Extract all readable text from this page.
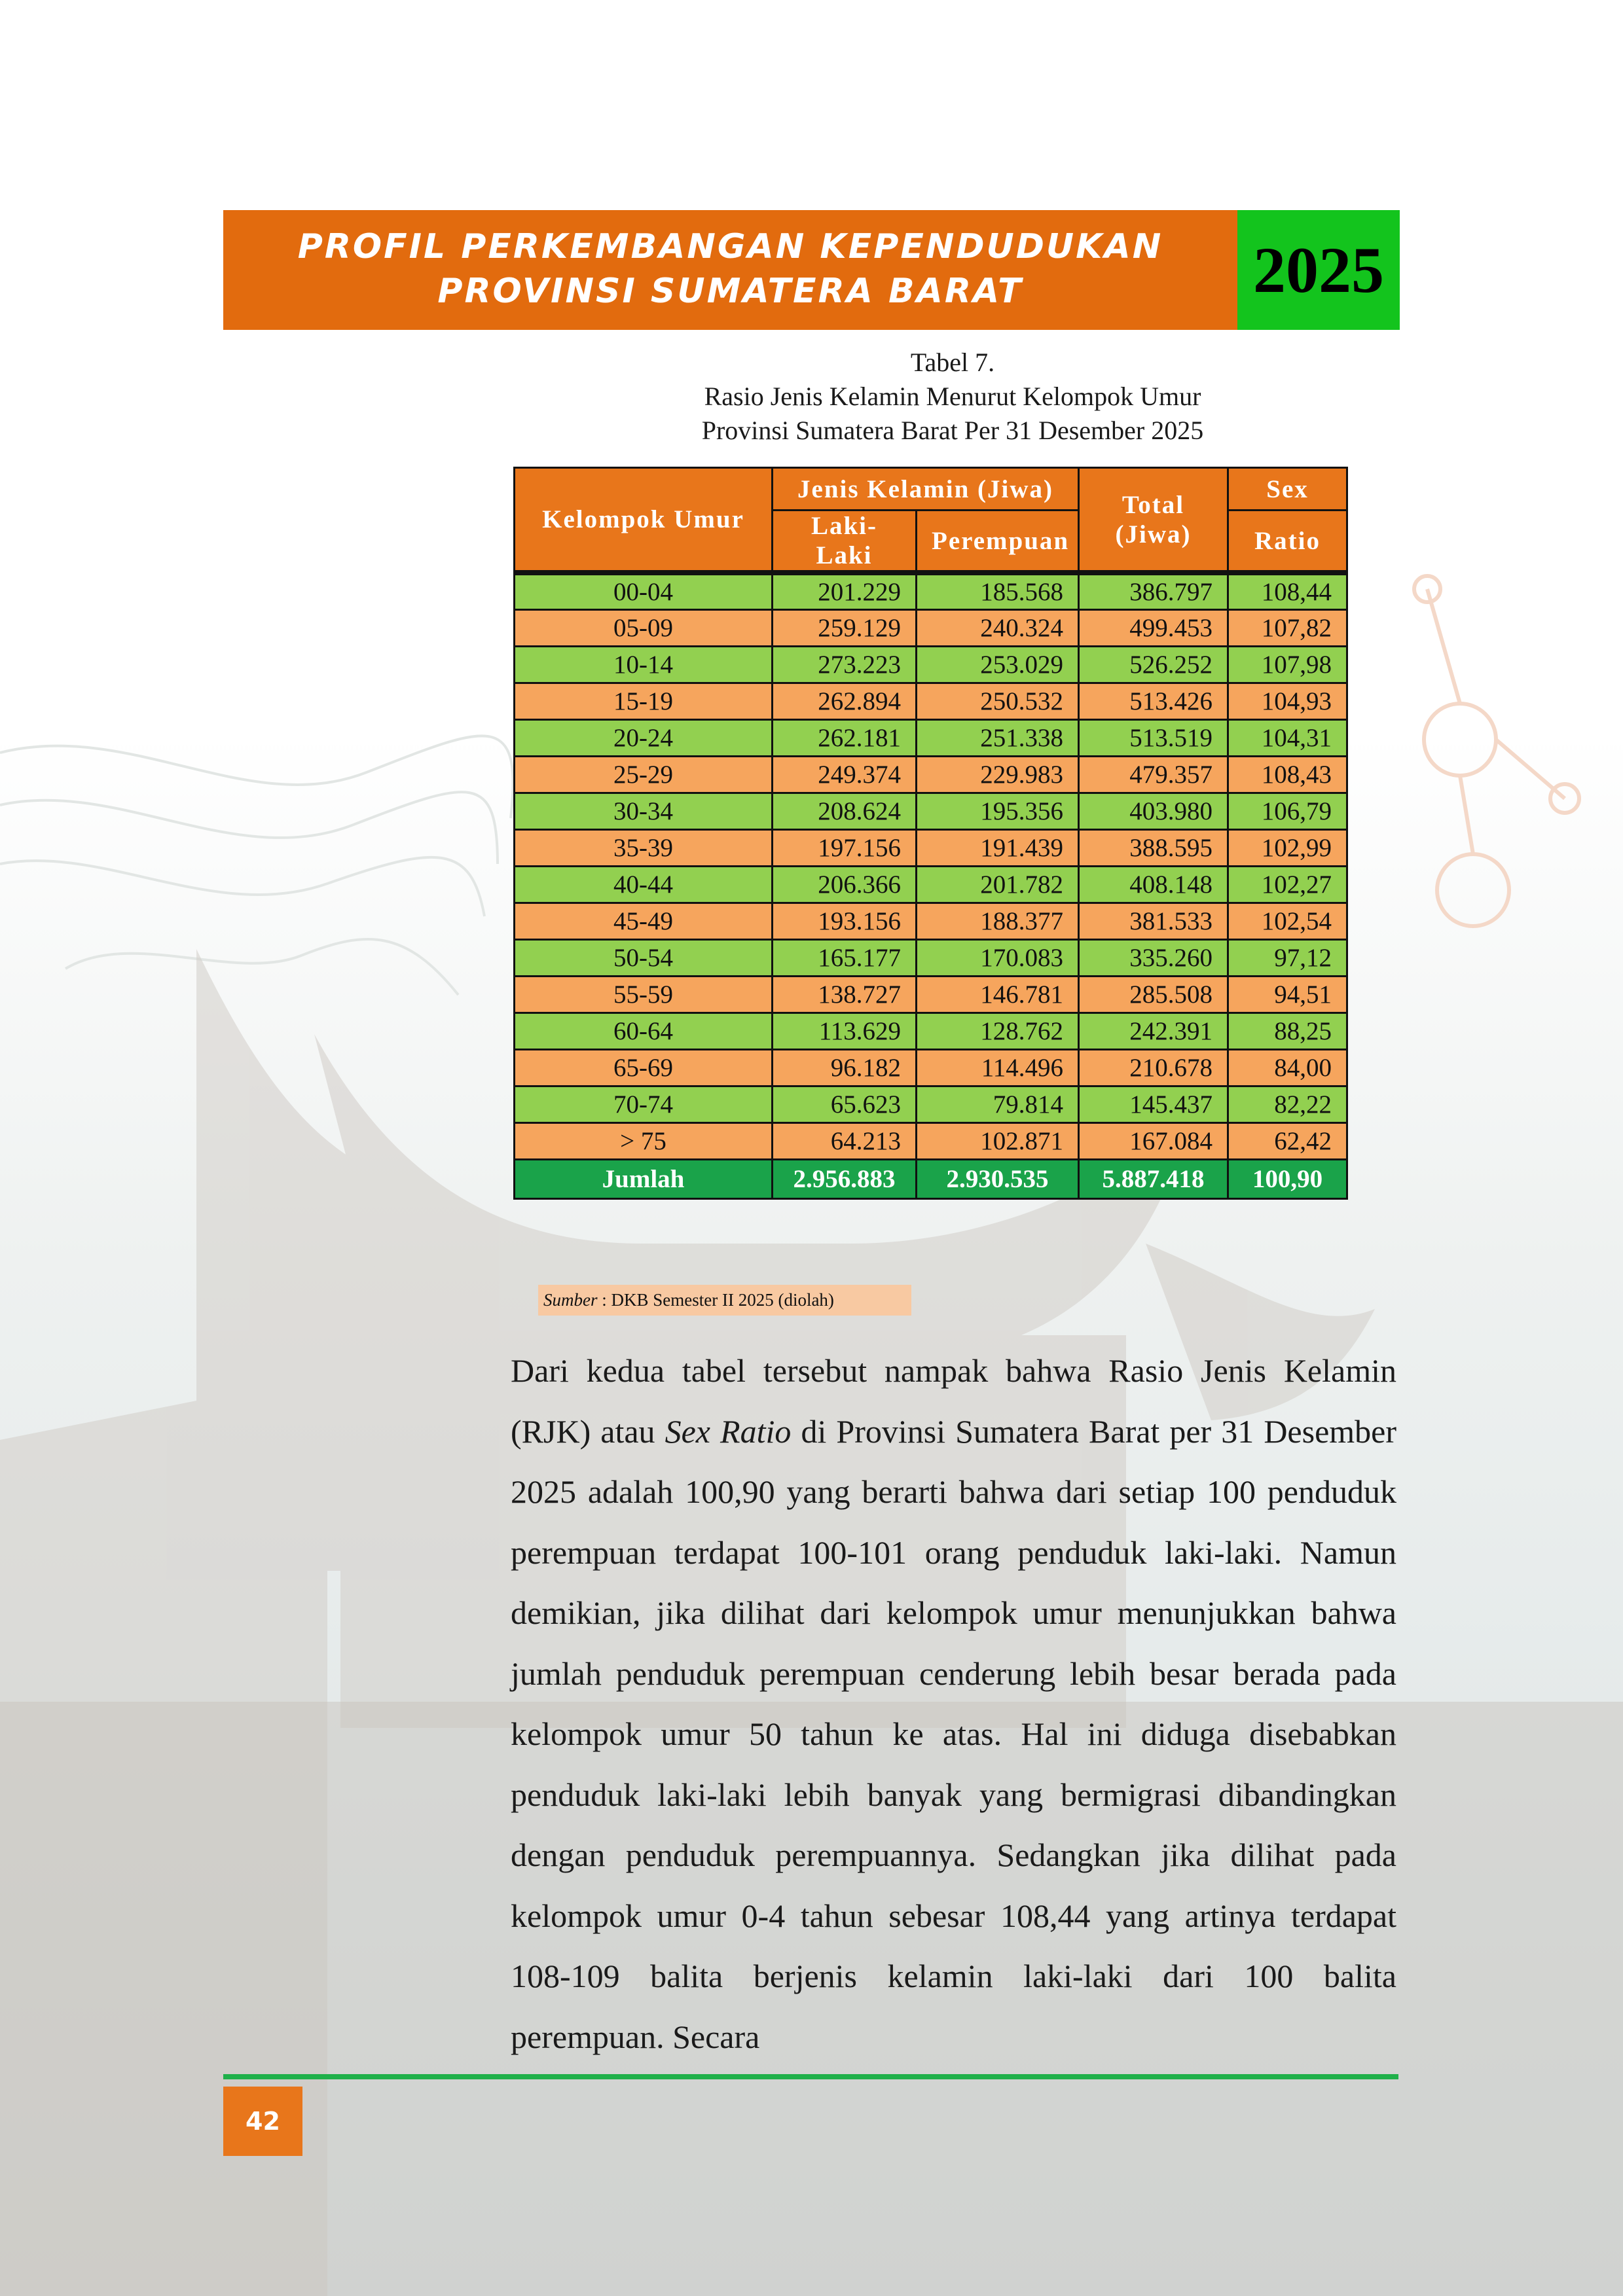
PROFIL PERKEMBANGAN KEPENDUDUKAN
PROVINSI SUMATERA BARAT	2025
Tabel 7.
Rasio Jenis Kelamin Menurut Kelompok Umur
Provinsi Sumatera Barat Per 31 Desember 2025
Kelompok Umur	Jenis Kelamin (Jiwa)		Total (Jiwa)	Sex
	Laki-Laki	Perempuan		Ratio
00-04	201.229	185.568	386.797	108,44
05-09	259.129	240.324	499.453	107,82
10-14	273.223	253.029	526.252	107,98
15-19	262.894	250.532	513.426	104,93
20-24	262.181	251.338	513.519	104,31
25-29	249.374	229.983	479.357	108,43
30-34	208.624	195.356	403.980	106,79
35-39	197.156	191.439	388.595	102,99
40-44	206.366	201.782	408.148	102,27
45-49	193.156	188.377	381.533	102,54
50-54	165.177	170.083	335.260	97,12
55-59	138.727	146.781	285.508	94,51
60-64	113.629	128.762	242.391	88,25
65-69	96.182	114.496	210.678	84,00
70-74	65.623	79.814	145.437	82,22
> 75	64.213	102.871	167.084	62,42
Jumlah	2.956.883	2.930.535	5.887.418	100,90
Sumber : DKB Semester II 2025 (diolah)
Dari kedua tabel tersebut nampak bahwa Rasio Jenis Kelamin (RJK) atau Sex Ratio di Provinsi Sumatera Barat per 31 Desember 2025 adalah 100,90 yang berarti bahwa dari setiap 100 penduduk perempuan terdapat 100-101 orang penduduk laki-laki. Namun demikian, jika dilihat dari kelompok umur menunjukkan bahwa jumlah penduduk perempuan cenderung lebih besar berada pada kelompok umur 50 tahun ke atas. Hal ini diduga disebabkan penduduk laki-laki lebih banyak yang bermigrasi dibandingkan dengan penduduk perempuannya. Sedangkan jika dilihat pada kelompok umur 0-4 tahun sebesar 108,44 yang artinya terdapat 108-109 balita berjenis kelamin laki-laki dari 100 balita perempuan. Secara
42
